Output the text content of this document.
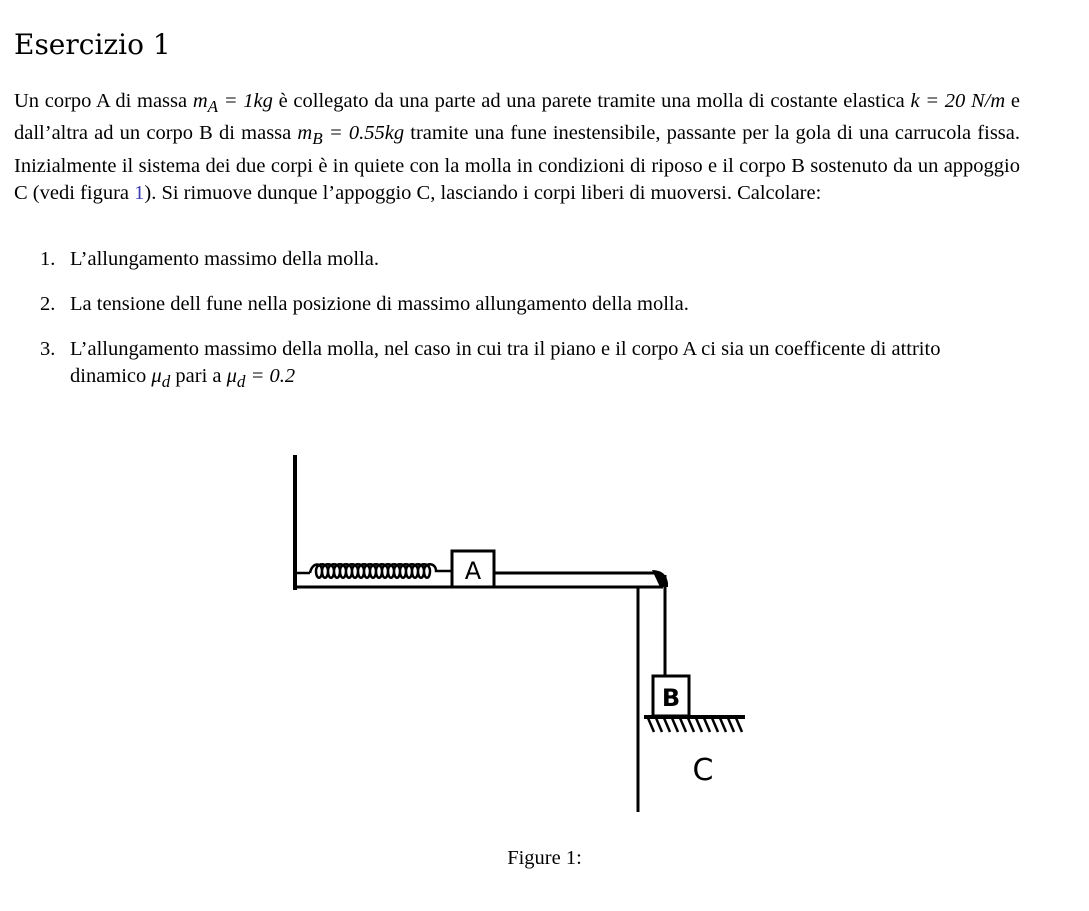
Esercizio 1

Un corpo A di massa $m_A = 1kg$ è collegato da una parte ad una parete tramite una molla di costante elastica k = 20 N/m e dall’altra ad un corpo B di massa $m_B = 0.55kg$ tramite una fune inestensibile, passante per la gola di una carrucola fissa. Inizialmente il sistema dei due corpi è in quiete con la molla in condizioni di riposo e il corpo B sostenuto da un appoggio C (vedi figura 1). Si rimuove dunque l’appoggio C, lasciando i corpi liberi di muoversi. Calcolare:

1. L’allungamento massimo della molla.
2. La tensione dell fune nella posizione di massimo allungamento della molla.
3. L’allungamento massimo della molla, nel caso in cui tra il piano e il corpo A ci sia un coefficente di attrito dinamico $\mu_d$ pari a $\mu_d = 0.2$
A
B
C
Figure 1:
